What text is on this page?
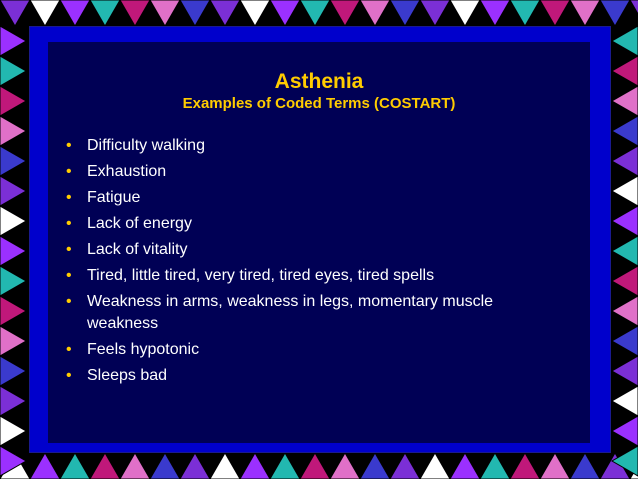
Asthenia
Examples of Coded Terms (COSTART)
• Difficulty walking
• Exhaustion
• Fatigue
• Lack of energy
• Lack of vitality
• Tired, little tired, very tired, tired eyes, tired spells
• Weakness in arms, weakness in legs, momentary muscle weakness
• Feels hypotonic
• Sleeps bad
